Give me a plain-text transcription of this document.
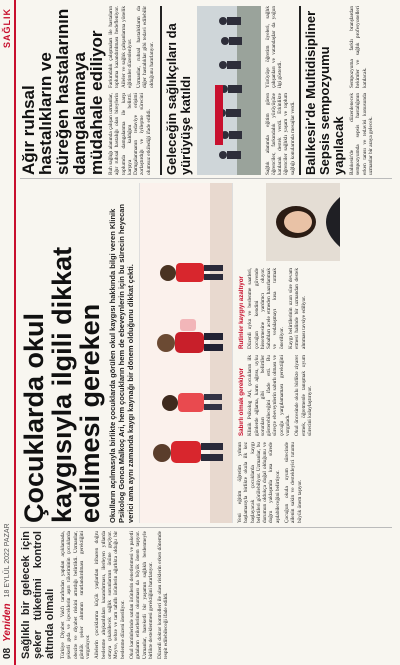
08
Yeniden
18 EYLÜL 2022 PAZAR
SAĞLIK
Sağlıklı bir gelecek için şeker tüketimi kontrol altında olmalı Türkiye Diyabet Vakfı tarafından yapılan açıklamada, şekerli gıda ve içeceklerin aşırı tüketiminin çocuklarda obezite ve diyabet riskini artırdığı belirtildi. Uzmanlar, günlük şeker alımının sınırlandırılması gerektiğini vurguluyor. Ailelerin çocuklarına küçük yaşlardan itibaren doğru beslenme alışkanlıkları kazandırması, ilerleyen yıllarda ortaya çıkabilecek sağlık sorunlarının önüne geçiyor. Meyve, sebze ve tam tahıllı ürünlerin ağırlıkta olduğu bir beslenme düzeni öneriliyor. Okul kantinlerinde satılan ürünlerin denetlenmesi ve paketli gıdaların etiketlerinin okunması da büyük önem taşıyor. Uzmanlar, hareketli bir yaşamın sağlıklı beslenmeyle birlikte desteklenmesi gerektiğini hatırlatıyor. Düzenli doktor kontrolleri ile olası risklerin erken dönemde tespit edilebileceği ifade edildi.

Çocuklarda okul kaygısıyla ilgili dikkat edilmesi gereken Okulların açılmasıyla birlikte çocuklarda görülen okul kaygısı hakkında bilgi veren Klinik Psikolog Gonca Malkoç Ari, hem çocukların hem de ebeveynlerin için bu sürecin heyecan verici ama aynı zamanda kaygı kaynağı bir dönem olduğunu dikkat çekti.	Yeni eğitim öğretim yılının başlamasıyla birlikte okula ilk kez başlayacak çocuklarda kaygı belirtileri görülebiliyor. Uzmanlar, bu durumun oldukça doğal olduğunu ve doğru yaklaşımla kısa sürede aşılabileceğini belirtiyor. Çocuğun okula uyum sürecinde ailenin sakin ve destekleyici tutumu büyük önem taşıyor.

Sabırlı olmak gerekiyor Klinik Psikolog Ari, çocukların ilk günlerde ağlama, karın ağrısı, uyku sorunları gibi belirtiler gösterebileceğini ifade etti. Bu süreçte ebeveynlerin sabırlı olması ve çocuğu yargılamaması gerektiğini vurguladı. Okul öncesinde okulu birlikte ziyaret etmek, öğretmenle tanışmak uyum sürecini kolaylaştırıyor.

Rutinler kaygıyı azaltıyor Düzenli uyku ve beslenme saatleri, çocuğun kendini güvende hissetmesine yardımcı oluyor. Sabahları acele etmeden hazırlanmak ve vedalaşmayı kısa tutmak öneriliyor. Kaygı belirtilerinin uzun süre devam etmesi halinde bir uzmandan destek alınması tavsiye ediliyor.

Ağır ruhsal hastalıkların ve süreğen hastalarının damgalanmaya müdahale ediliyor Ruh sağlığı alanında çalışan uzmanlar, ağır ruhsal hastalığı olan bireylerin toplumda damgalanma ile karşı karşıya kaldığını belirtti. Damgalanmanın tedaviye erişimi zorlaştırdığı ve iyileşme sürecini olumsuz etkilediği ifade edildi.

Farkındalık çalışmaları ile hastaların topluma kazandırılması hedefleniyor. Aileler ve sağlık çalışanlarına yönelik eğitimler düzenleniyor. Uzmanlar, ruhsal hastalıkların da diğer hastalıklar gibi tedavi edilebilir olduğunu hatırlatıyor. Geleceğin sağlıkçıları da yürüyüşe katıldı	Sağlık alanında eğitim gören öğrenciler, farkındalık yürüyüşüne katılarak destek verdi. Etkinlikte öğrenciler sağlıklı yaşam ve toplum sağlığı konularında mesajlar verdi.

Yürüyüşe öğretim üyeleri, sağlık çalışanları ve vatandaşlar da yoğun ilgi gösterdi. Balıkesir'de Multidisipliner Sepsis sempozyumu yapılacak Balıkesir'de düzenlenecek sempozyumda sepsis hastalığının erken tanısı ve tedavisi konusunda uzmanlar bir araya gelecek.

Sempozyuma farklı branşlardan hekimler ve sağlık profesyonelleri katılacak.
